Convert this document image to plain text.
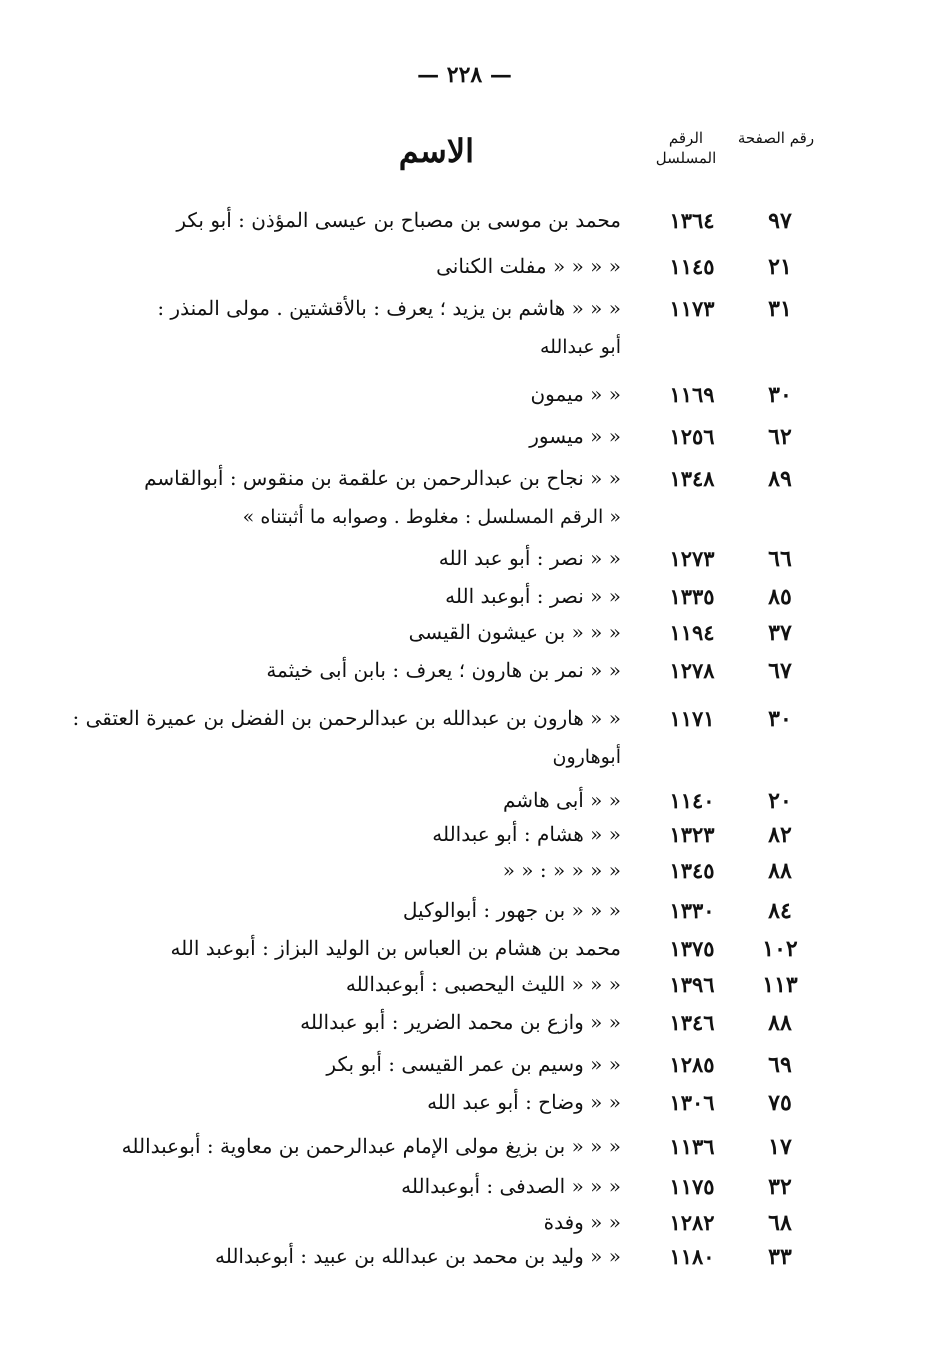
— ٢٢٨ —
رقم الصفحة
الرقم المسلسل
الاسم
٩٧
١٣٦٤
محمد بن موسى بن مصباح بن عيسى المؤذن : أبو بكر
٢١
١١٤٥
« « « « مفلت الكنانى
٣١
١١٧٣
« « « هاشم بن يزيد ؛ يعرف : بالأقشتين . مولى المنذر :
أبو عبدالله
٣٠
١١٦٩
« « ميمون
٦٢
١٢٥٦
« « ميسور
٨٩
١٣٤٨
« « نجاح بن عبدالرحمن بن علقمة بن منقوس : أبوالقاسم
« الرقم المسلسل : مغلوط . وصوابه ما أثبتناه »
٦٦
١٢٧٣
« « نصر : أبو عبد الله
٨٥
١٣٣٥
« « نصر : أبوعبد الله
٣٧
١١٩٤
« « « بن عيشون القيسى
٦٧
١٢٧٨
« « نمر بن هارون ؛ يعرف : بابن أبى خيثمة
٣٠
١١٧١
« « هارون بن عبدالله بن عبدالرحمن بن الفضل بن عميرة العتقى :
أبوهارون
٢٠
١١٤٠
« « أبى هاشم
٨٢
١٣٢٣
« « هشام : أبو عبدالله
٨٨
١٣٤٥
« « « « : « «
٨٤
١٣٣٠
« « « بن جهور : أبوالوكيل
١٠٢
١٣٧٥
محمد بن هشام بن العباس بن الوليد البزاز : أبوعبد الله
١١٣
١٣٩٦
« « « الليث اليحصبى : أبوعبدالله
٨٨
١٣٤٦
« « وازع بن محمد الضرير : أبو عبدالله
٦٩
١٢٨٥
« « وسيم بن عمر القيسى : أبو بكر
٧٥
١٣٠٦
« « وضاح : أبو عبد الله
١٧
١١٣٦
« « « بن بزيغ مولى الإمام عبدالرحمن بن معاوية : أبوعبدالله
٣٢
١١٧٥
« « « الصدفى : أبوعبدالله
٦٨
١٢٨٢
« « وفدة
٣٣
١١٨٠
« « وليد بن محمد بن عبدالله بن عبيد : أبوعبدالله
